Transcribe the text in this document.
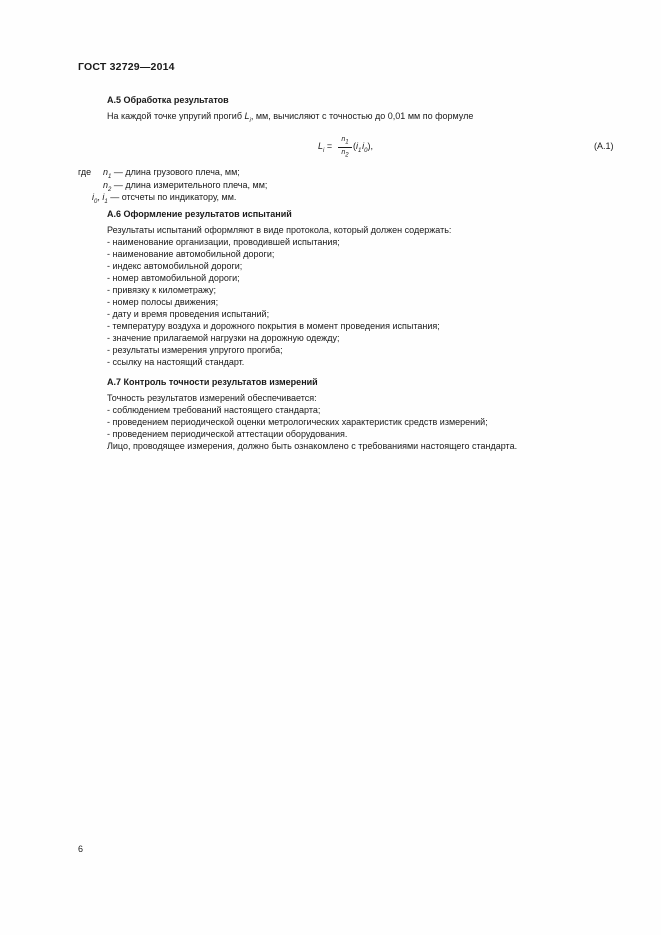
ГОСТ 32729—2014
А.5 Обработка результатов
На каждой точке упругий прогиб $L_i$, мм, вычисляют с точностью до 0,01 мм по формуле
$L_i$ =
$n_1$
$n_2$
($i_1$ $i_0$),	(А.1)
где $n_1$ — длина грузового плеча, мм;
$n_2$ — длина измерительного плеча, мм;
$i_0$, $i_1$ — отсчеты по индикатору, мм.
А.6 Оформление результатов испытаний
Результаты испытаний оформляют в виде протокола, который должен содержать:
- наименование организации, проводившей испытания;
- наименование автомобильной дороги;
- индекс автомобильной дороги;
- номер автомобильной дороги;
- привязку к километражу;
- номер полосы движения;
- дату и время проведения испытаний;
- температуру воздуха и дорожного покрытия в момент проведения испытания;
- значение прилагаемой нагрузки на дорожную одежду;
- результаты измерения упругого прогиба;
- ссылку на настоящий стандарт.
А.7 Контроль точности результатов измерений
Точность результатов измерений обеспечивается:
- соблюдением требований настоящего стандарта;
- проведением периодической оценки метрологических характеристик средств измерений;
- проведением периодической аттестации оборудования.
Лицо, проводящее измерения, должно быть ознакомлено с требованиями настоящего стандарта.
6
